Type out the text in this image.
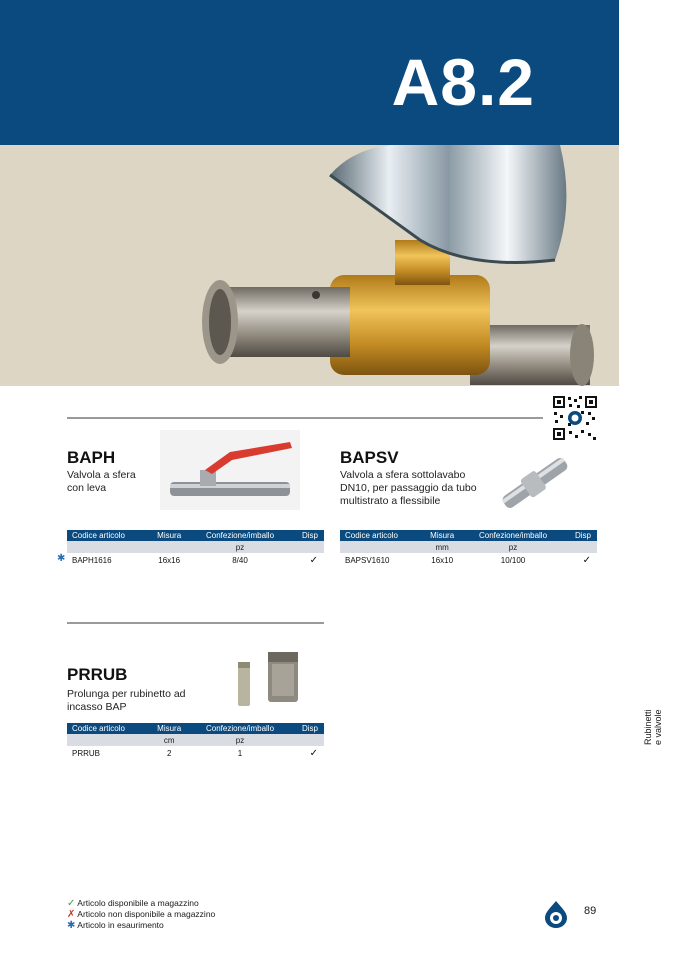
A8.2
BAPH
Valvola a sfera
con leva
Codice articolo	Misura	Confezione/imballo	Disp
		pz	
BAPH1616	16x16	8/40	✓
✱
BAPSV
Valvola a sfera sottolavabo
DN10, per passaggio da tubo
multistrato a flessibile
Codice articolo	Misura	Confezione/imballo	Disp
	mm	pz	
BAPSV1610	16x10	10/100	✓
PRRUB
Prolunga per rubinetto ad
incasso BAP
Codice articolo	Misura	Confezione/imballo	Disp
	cm	pz	
PRRUB	2	1	✓
Rubinetti e valvole
✓ Articolo disponibile a magazzino
✗ Articolo non disponibile a magazzino
✱ Articolo in esaurimento
89
